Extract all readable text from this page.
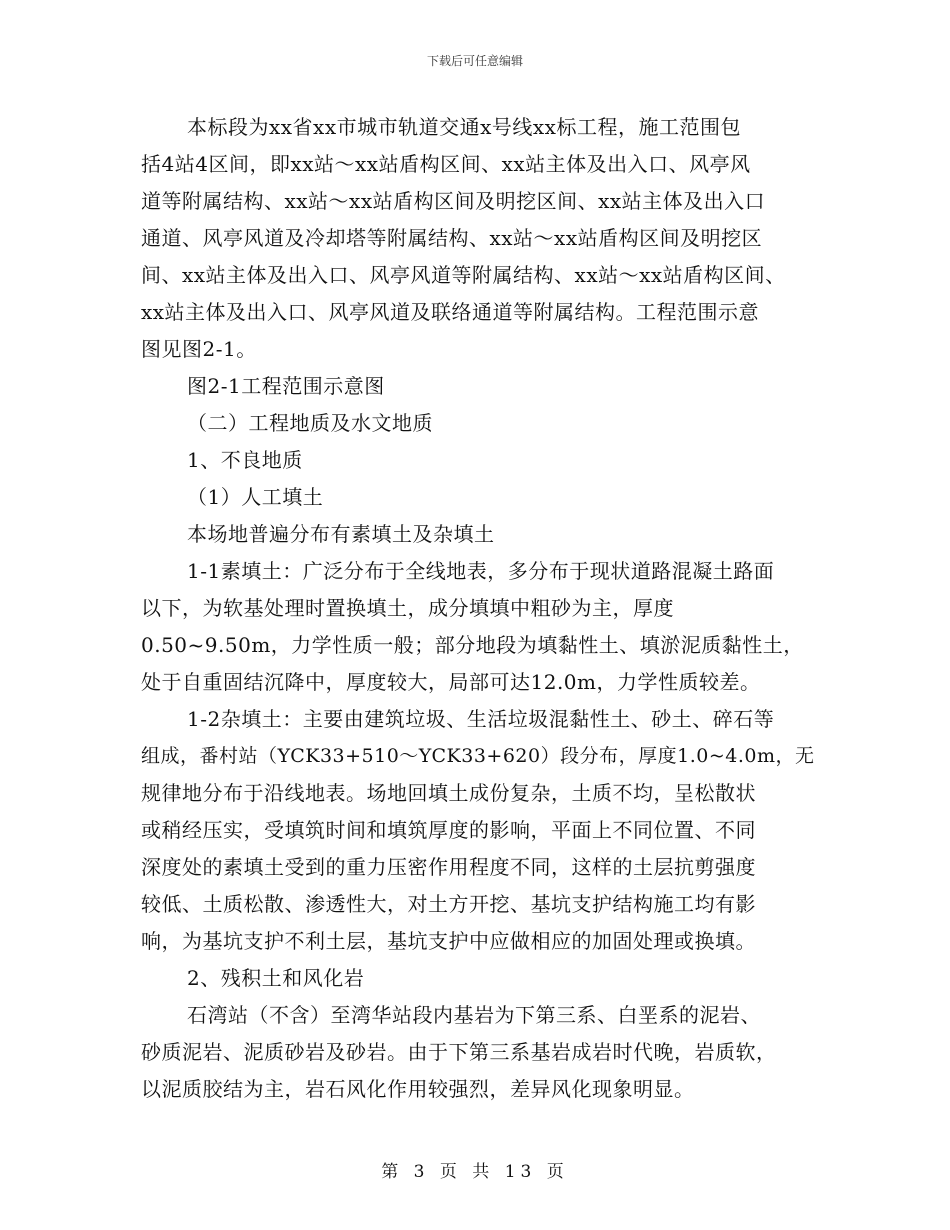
下载后可任意编辑
本标段为xx省xx市城市轨道交通x号线xx标工程，施工范围包
括4站4区间，即xx站～xx站盾构区间、xx站主体及出入口、风亭风
道等附属结构、xx站～xx站盾构区间及明挖区间、xx站主体及出入口
通道、风亭风道及冷却塔等附属结构、xx站～xx站盾构区间及明挖区
间、xx站主体及出入口、风亭风道等附属结构、xx站～xx站盾构区间、
xx站主体及出入口、风亭风道及联络通道等附属结构。工程范围示意
图见图2-1。
图2-1工程范围示意图
（二）工程地质及水文地质
1、不良地质
（1）人工填土
本场地普遍分布有素填土及杂填土
1-1素填土：广泛分布于全线地表，多分布于现状道路混凝土路面
以下，为软基处理时置换填土，成分填填中粗砂为主，厚度
0.50~9.50m，力学性质一般；部分地段为填黏性土、填淤泥质黏性土，
处于自重固结沉降中，厚度较大，局部可达12.0m，力学性质较差。
1-2杂填土：主要由建筑垃圾、生活垃圾混黏性土、砂土、碎石等
组成，番村站（YCK33+510～YCK33+620）段分布，厚度1.0~4.0m，无
规律地分布于沿线地表。场地回填土成份复杂，土质不均，呈松散状
或稍经压实，受填筑时间和填筑厚度的影响，平面上不同位置、不同
深度处的素填土受到的重力压密作用程度不同，这样的土层抗剪强度
较低、土质松散、渗透性大，对土方开挖、基坑支护结构施工均有影
响，为基坑支护不利土层，基坑支护中应做相应的加固处理或换填。
2、残积土和风化岩
石湾站（不含）至湾华站段内基岩为下第三系、白垩系的泥岩、
砂质泥岩、泥质砂岩及砂岩。由于下第三系基岩成岩时代晚，岩质软，
以泥质胶结为主，岩石风化作用较强烈，差异风化现象明显。
第 3 页 共 13 页
